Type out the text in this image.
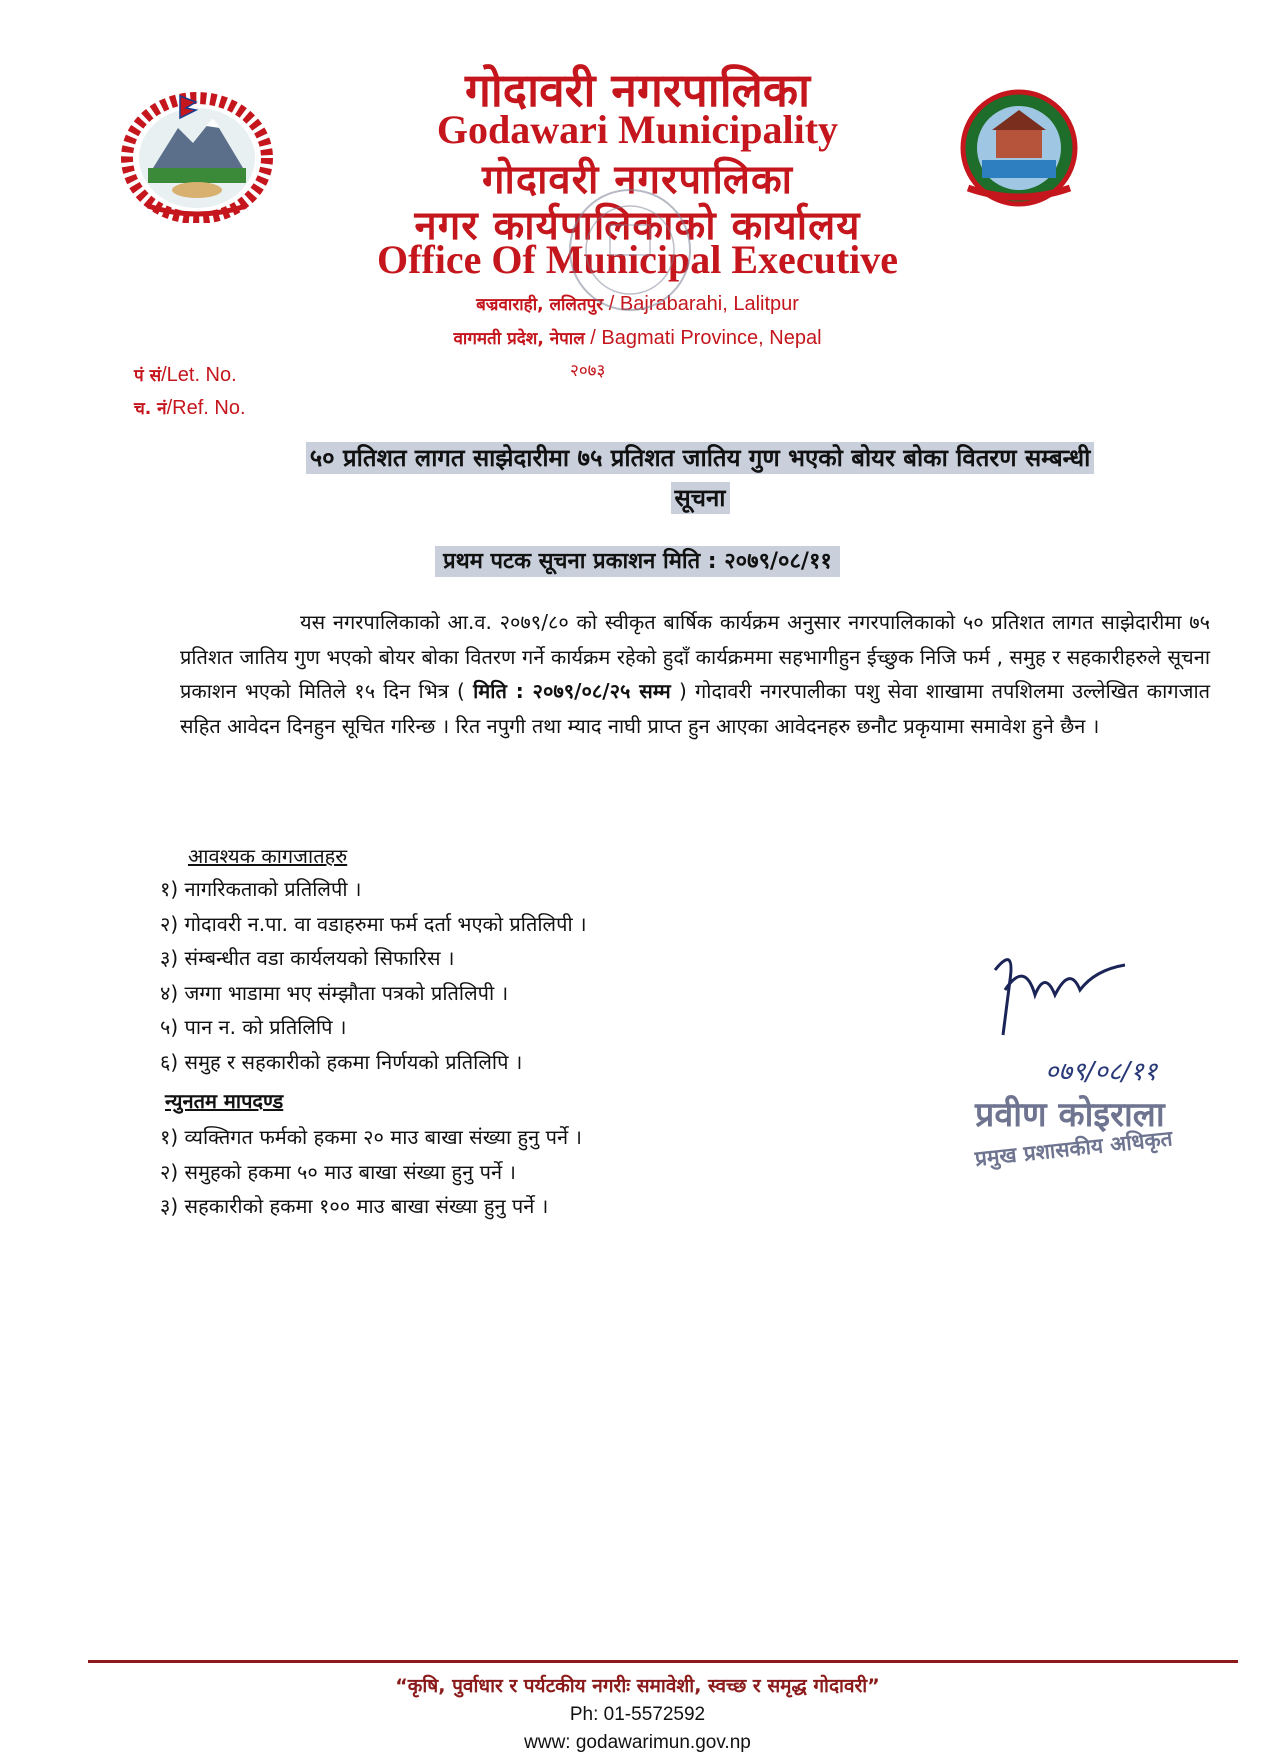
गोदावरी नगरपालिका
Godawari Municipality
गोदावरी नगरपालिका
नगर कार्यपालिकाको कार्यालय
Office Of Municipal Executive
बज्रवाराही, ललितपुर / Bajrabarahi, Lalitpur
वागमती प्रदेश, नेपाल / Bagmati Province, Nepal
२०७३
पं सं/Let. No.
च. नं/Ref. No.
५० प्रतिशत लागत साझेदारीमा ७५ प्रतिशत जातिय गुण भएको बोयर बोका वितरण सम्बन्धी
सूचना
प्रथम पटक सूचना प्रकाशन मिति : २०७९/०८/११
यस नगरपालिकाको आ.व. २०७९/८० को स्वीकृत बार्षिक कार्यक्रम अनुसार नगरपालिकाको ५० प्रतिशत लागत साझेदारीमा ७५ प्रतिशत जातिय गुण भएको बोयर बोका वितरण गर्ने कार्यक्रम रहेको हुदाँ कार्यक्रममा सहभागीहुन ईच्छुक निजि फर्म , समुह र सहकारीहरुले सूचना प्रकाशन भएको मितिले १५ दिन भित्र ( मिति : २०७९/०८/२५ सम्म ) गोदावरी नगरपालीका पशु सेवा शाखामा तपशिलमा उल्लेखित कागजात सहित आवेदन दिनहुन सूचित गरिन्छ । रित नपुगी तथा म्याद नाघी प्राप्त हुन आएका आवेदनहरु छनौट प्रकृयामा समावेश हुने छैन ।
आवश्यक कागजातहरु
१) नागरिकताको प्रतिलिपी ।
२) गोदावरी न.पा. वा वडाहरुमा फर्म दर्ता भएको प्रतिलिपी ।
३) संम्बन्धीत वडा कार्यलयको सिफारिस ।
४) जग्गा भाडामा भए संम्झौता पत्रको प्रतिलिपी ।
५) पान न. को प्रतिलिपि ।
६) समुह र सहकारीको हकमा निर्णयको प्रतिलिपि ।
न्युनतम मापदण्ड
१) व्यक्तिगत फर्मको हकमा २० माउ बाखा संख्या हुनु पर्ने ।
२) समुहको हकमा ५० माउ बाखा संख्या हुनु पर्ने ।
३) सहकारीको हकमा १०० माउ बाखा संख्या हुनु पर्ने ।
०७९/०८/११
प्रवीण कोइराला
प्रमुख प्रशासकीय अधिकृत
“कृषि, पुर्वाधार र पर्यटकीय नगरीः समावेशी, स्वच्छ र समृद्ध गोदावरी”
Ph: 01-5572592
www: godawarimun.gov.np
